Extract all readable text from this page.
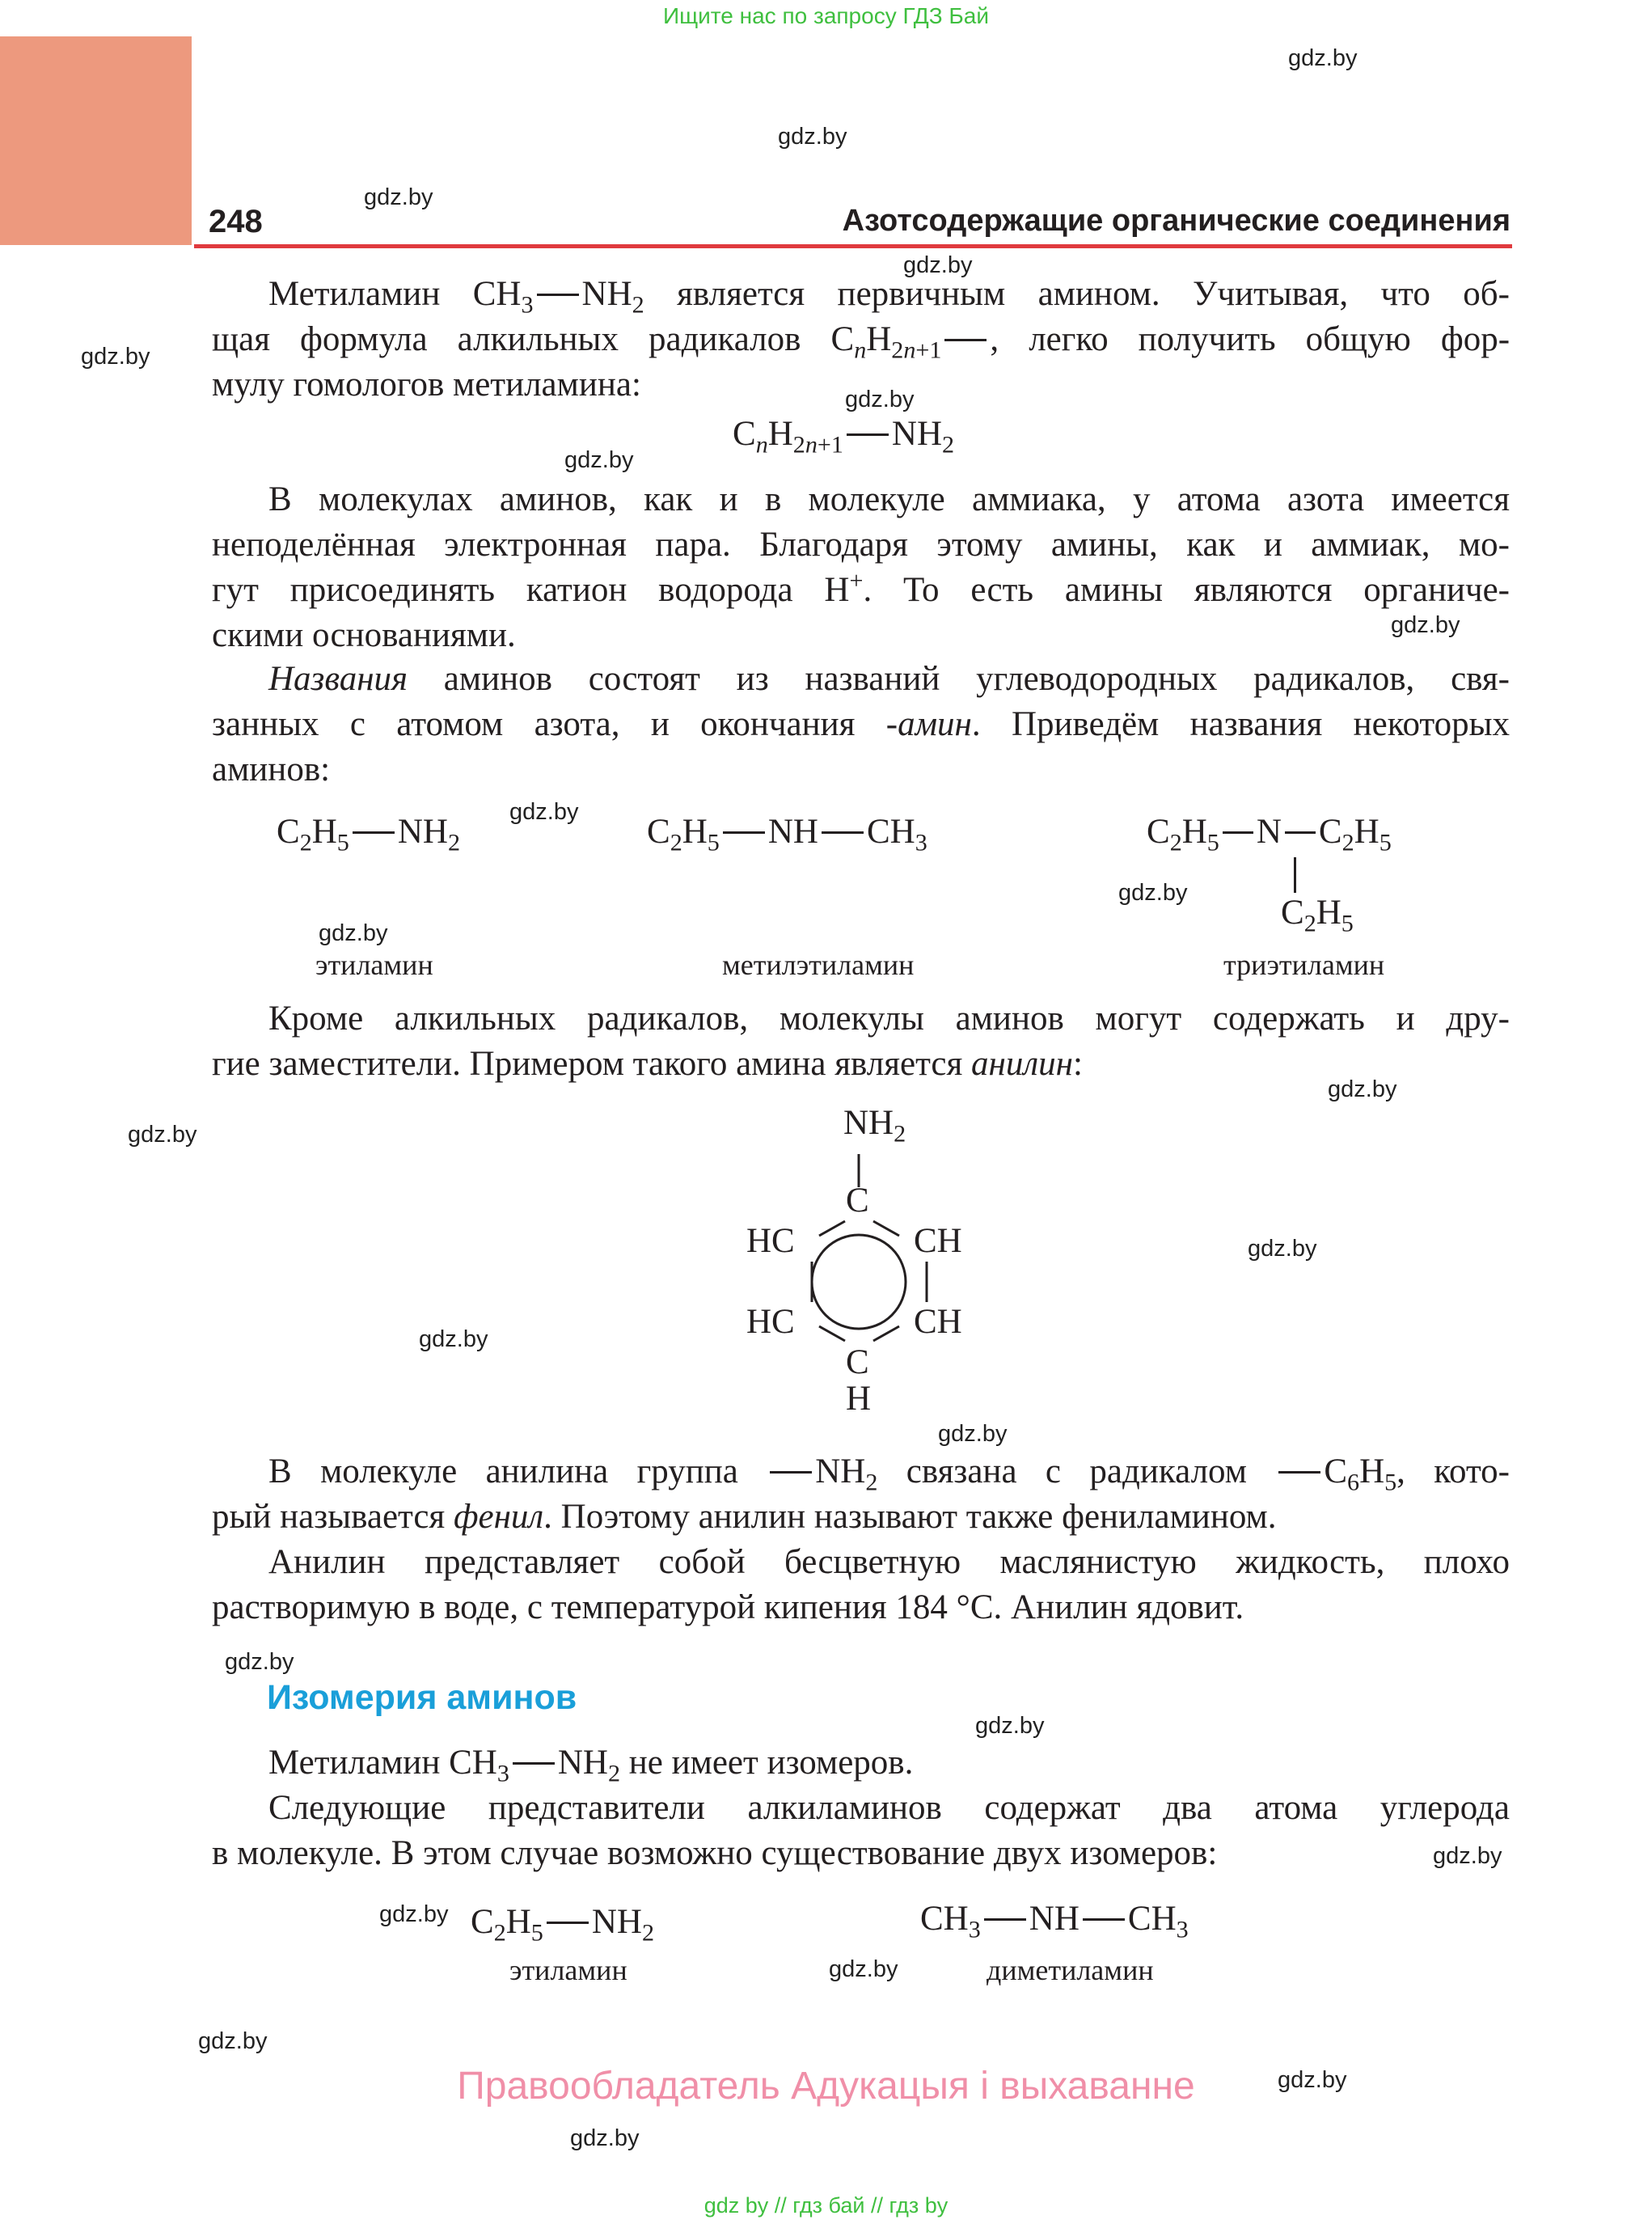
Ищите нас по запросу ГДЗ Бай
248	Азотсодержащие органические соединения
gdz.by
gdz.by
gdz.by
gdz.by
gdz.by
gdz.by
gdz.by
gdz.by
gdz.by
gdz.by
gdz.by
gdz.by
gdz.by
gdz.by
gdz.by
gdz.by
gdz.by
gdz.by
gdz.by
gdz.by
gdz.by
gdz.by
gdz.by
gdz.by
Метиламин $CH_3$ $NH_2$ является первичным амином. Учитывая, что об-
щая формула алкильных радикалов $C_nH_{2n+1}$ , легко получить общую фор-
мулу гомологов метиламина:
$C_nH_{2n+1}$ $NH_2$
В молекулах аминов, как и в молекуле аммиака, у атома азота имеется
неподелённая электронная пара. Благодаря этому амины, как и аммиак, мо-
гут присоединять катион водорода H+. То есть амины являются органиче-
скими основаниями.
Названия аминов состоят из названий углеводородных радикалов, свя-
занных с атомом азота, и окончания -амин. Приведём названия некоторых
аминов:
$C_2H_5$ $NH_2$	$C_2H_5$ NH $CH_3$	$C_2H_5$ N $C_2H_5$
$C_2H_5$
этиламин	метилэтиламин	триэтиламин
Кроме алкильных радикалов, молекулы аминов могут содержать и дру-
гие заместители. Примером такого амина является анилин:
$NH_2$
C
HC	CH
HC	CH
C
H
В молекуле анилина группа $NH_2$ связана с радикалом $C_6H_5$, кото-
рый называется фенил. Поэтому анилин называют также фениламином.
Анилин представляет собой бесцветную маслянистую жидкость, плохо
растворимую в воде, с температурой кипения 184 °С. Анилин ядовит.
Изомерия аминов
Метиламин $CH_3$ $NH_2$ не имеет изомеров.
Следующие представители алкиламинов содержат два атома углерода
в молекуле. В этом случае возможно существование двух изомеров:
$C_2H_5$ $NH_2$	$CH_3$ NH $CH_3$
этиламин	диметиламин
Правообладатель Адукацыя і выхаванне
gdz by // гдз бай // гдз by
